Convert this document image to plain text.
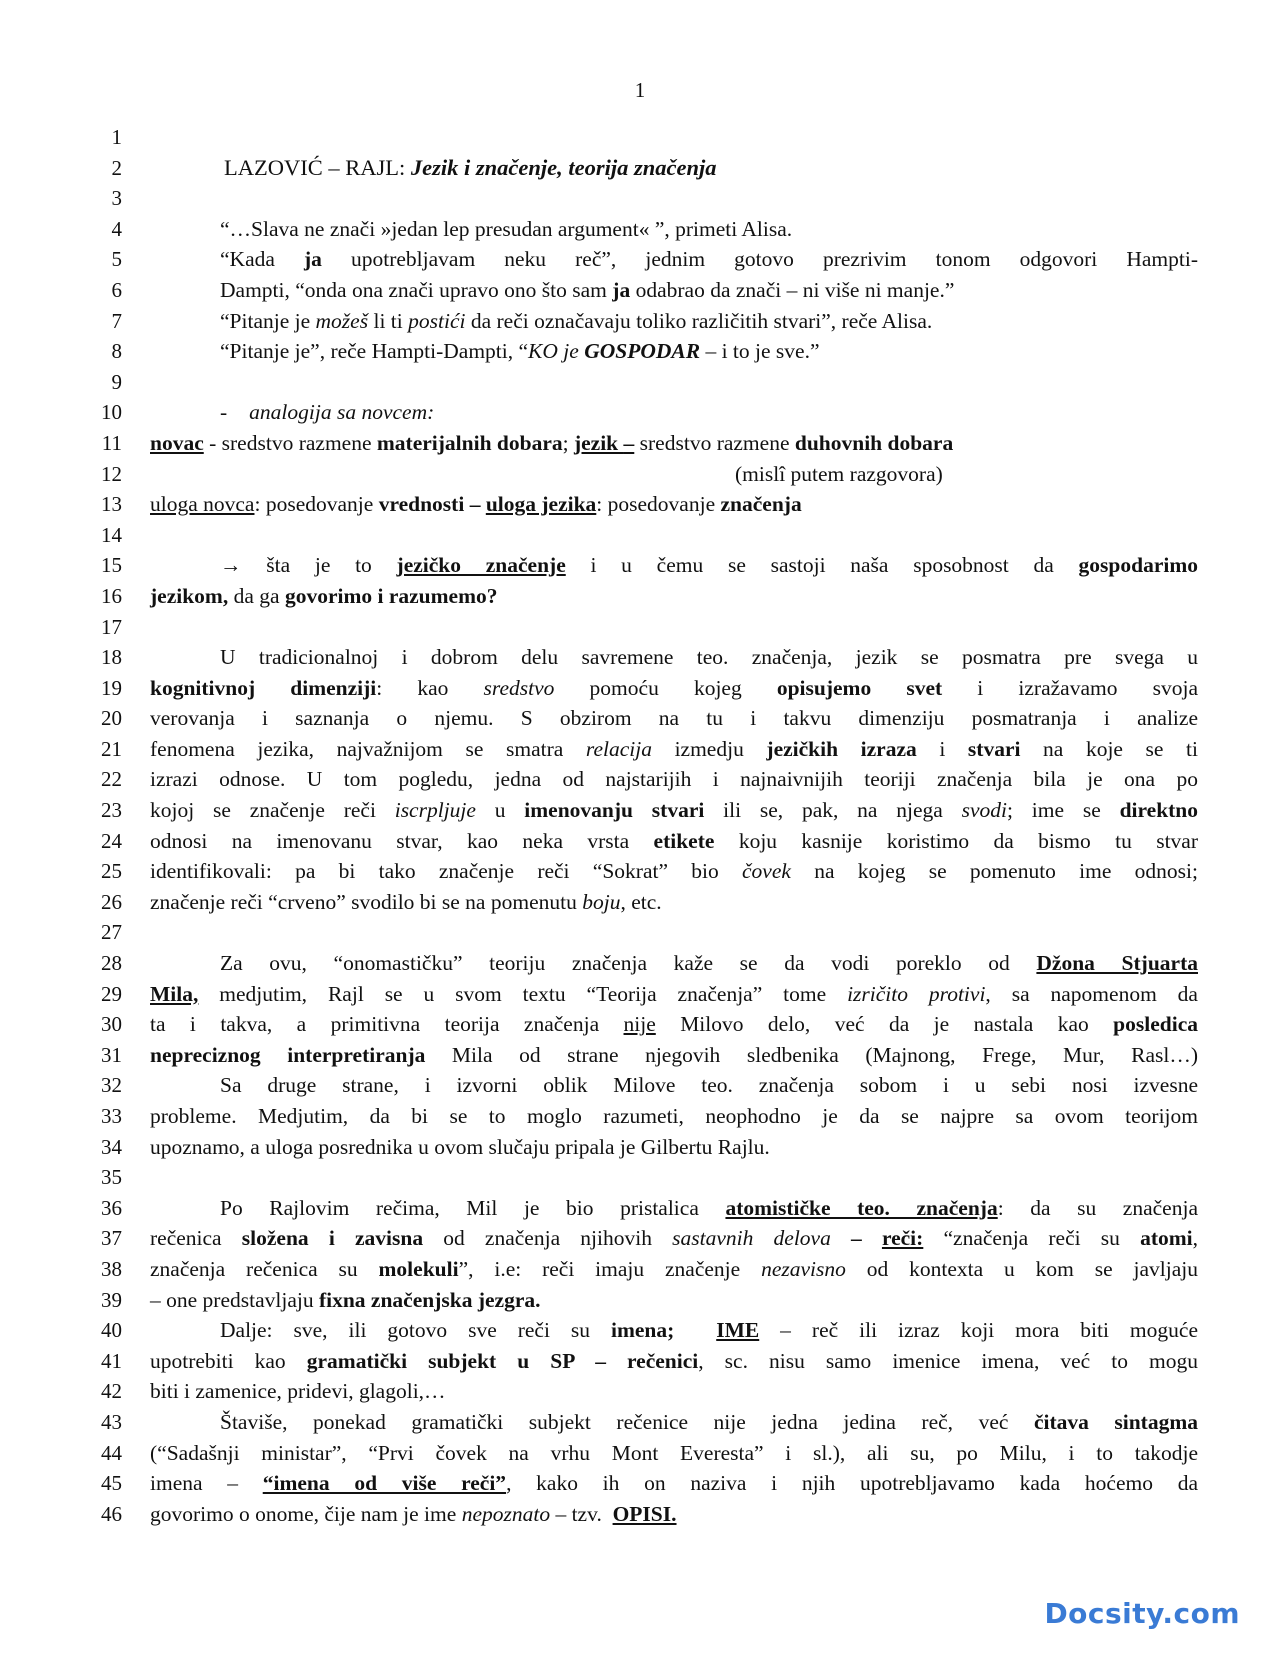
1
1
2
3
4
5
6
7
8
9
10
11
12
13
14
15
16
17
18
19
20
21
22
23
24
25
26
27
28
29
30
31
32
33
34
35
36
37
38
39
40
41
42
43
44
45
46
LAZOVIĆ – RAJL: Jezik i značenje, teorija značenja
“…Slava ne znači »jedan lep presudan argument« ”, primeti Alisa.
“Kada ja upotrebljavam neku reč”, jednim gotovo prezrivim tonom odgovori Hampti-
Dampti, “onda ona znači upravo ono što sam ja odabrao da znači – ni više ni manje.”
“Pitanje je možeš li ti postići da reči označavaju toliko različitih stvari”, reče Alisa.
“Pitanje je”, reče Hampti-Dampti, “KO je GOSPODAR – i to je sve.”
- analogija sa novcem:
novac - sredstvo razmene materijalnih dobara; jezik – sredstvo razmene duhovnih dobara
(mislî putem razgovora)
uloga novca: posedovanje vrednosti – uloga jezika: posedovanje značenja
→ šta je to jezičko značenje i u čemu se sastoji naša sposobnost da gospodarimo
jezikom, da ga govorimo i razumemo?
U tradicionalnoj i dobrom delu savremene teo. značenja, jezik se posmatra pre svega u
kognitivnoj dimenziji: kao sredstvo pomoću kojeg opisujemo svet i izražavamo svoja
verovanja i saznanja o njemu. S obzirom na tu i takvu dimenziju posmatranja i analize
fenomena jezika, najvažnijom se smatra relacija izmedju jezičkih izraza i stvari na koje se ti
izrazi odnose. U tom pogledu, jedna od najstarijih i najnaivnijih teoriji značenja bila je ona po
kojoj se značenje reči iscrpljuje u imenovanju stvari ili se, pak, na njega svodi; ime se direktno
odnosi na imenovanu stvar, kao neka vrsta etikete koju kasnije koristimo da bismo tu stvar
identifikovali: pa bi tako značenje reči “Sokrat” bio čovek na kojeg se pomenuto ime odnosi;
značenje reči “crveno” svodilo bi se na pomenutu boju, etc.
Za ovu, “onomastičku” teoriju značenja kaže se da vodi poreklo od Džona Stjuarta
Mila, medjutim, Rajl se u svom textu “Teorija značenja” tome izričito protivi, sa napomenom da
ta i takva, a primitivna teorija značenja nije Milovo delo, već da je nastala kao posledica
nepreciznog interpretiranja Mila od strane njegovih sledbenika (Majnong, Frege, Mur, Rasl…)
Sa druge strane, i izvorni oblik Milove teo. značenja sobom i u sebi nosi izvesne
probleme. Medjutim, da bi se to moglo razumeti, neophodno je da se najpre sa ovom teorijom
upoznamo, a uloga posrednika u ovom slučaju pripala je Gilbertu Rajlu.
Po Rajlovim rečima, Mil je bio pristalica atomističke teo. značenja: da su značenja
rečenica složena i zavisna od značenja njihovih sastavnih delova – reči: “značenja reči su atomi,
značenja rečenica su molekuli”, i.e: reči imaju značenje nezavisno od kontexta u kom se javljaju
– one predstavljaju fixna značenjska jezgra.
Dalje: sve, ili gotovo sve reči su imena; IME – reč ili izraz koji mora biti moguće
upotrebiti kao gramatički subjekt u SP – rečenici, sc. nisu samo imenice imena, već to mogu
biti i zamenice, pridevi, glagoli,…
Štaviše, ponekad gramatički subjekt rečenice nije jedna jedina reč, već čitava sintagma
(“Sadašnji ministar”, “Prvi čovek na vrhu Mont Everesta” i sl.), ali su, po Milu, i to takodje
imena – “imena od više reči”, kako ih on naziva i njih upotrebljavamo kada hoćemo da
govorimo o onome, čije nam je ime nepoznato – tzv.  OPISI.
Docsity.com
